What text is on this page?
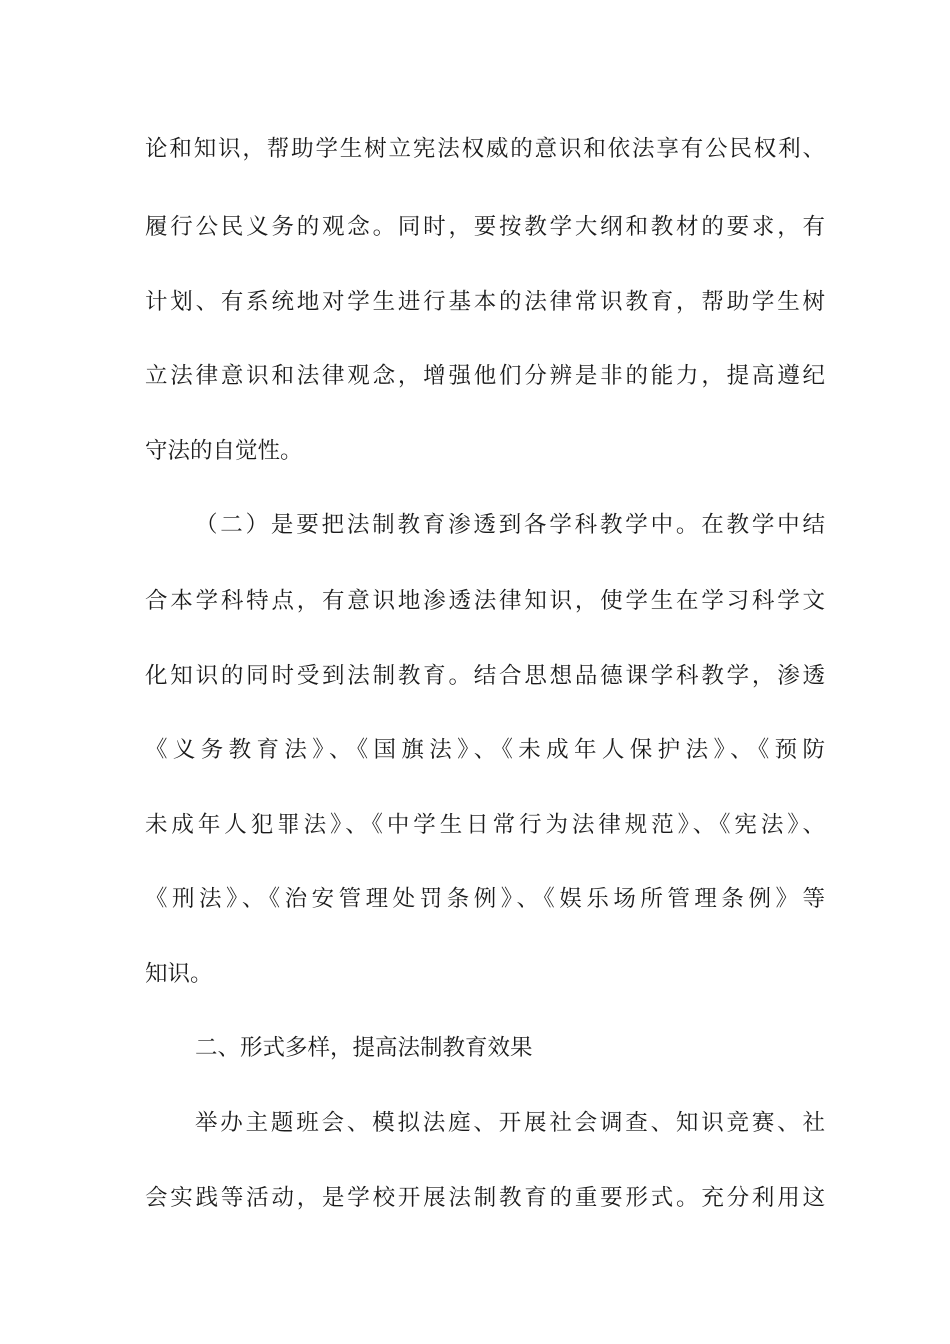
论和知识，帮助学生树立宪法权威的意识和依法享有公民权利、
履行公民义务的观念。同时，要按教学大纲和教材的要求，有
计划、有系统地对学生进行基本的法律常识教育，帮助学生树
立法律意识和法律观念，增强他们分辨是非的能力，提高遵纪
守法的自觉性。
（二）是要把法制教育渗透到各学科教学中。在教学中结
合本学科特点，有意识地渗透法律知识，使学生在学习科学文
化知识的同时受到法制教育。结合思想品德课学科教学，渗透
《义务教育法》、《国旗法》、《未成年人保护法》、《预防
未成年人犯罪法》、《中学生日常行为法律规范》、《宪法》、
《刑法》、《治安管理处罚条例》、《娱乐场所管理条例》等
知识。
二、形式多样，提高法制教育效果
举办主题班会、模拟法庭、开展社会调查、知识竞赛、社
会实践等活动，是学校开展法制教育的重要形式。充分利用这
